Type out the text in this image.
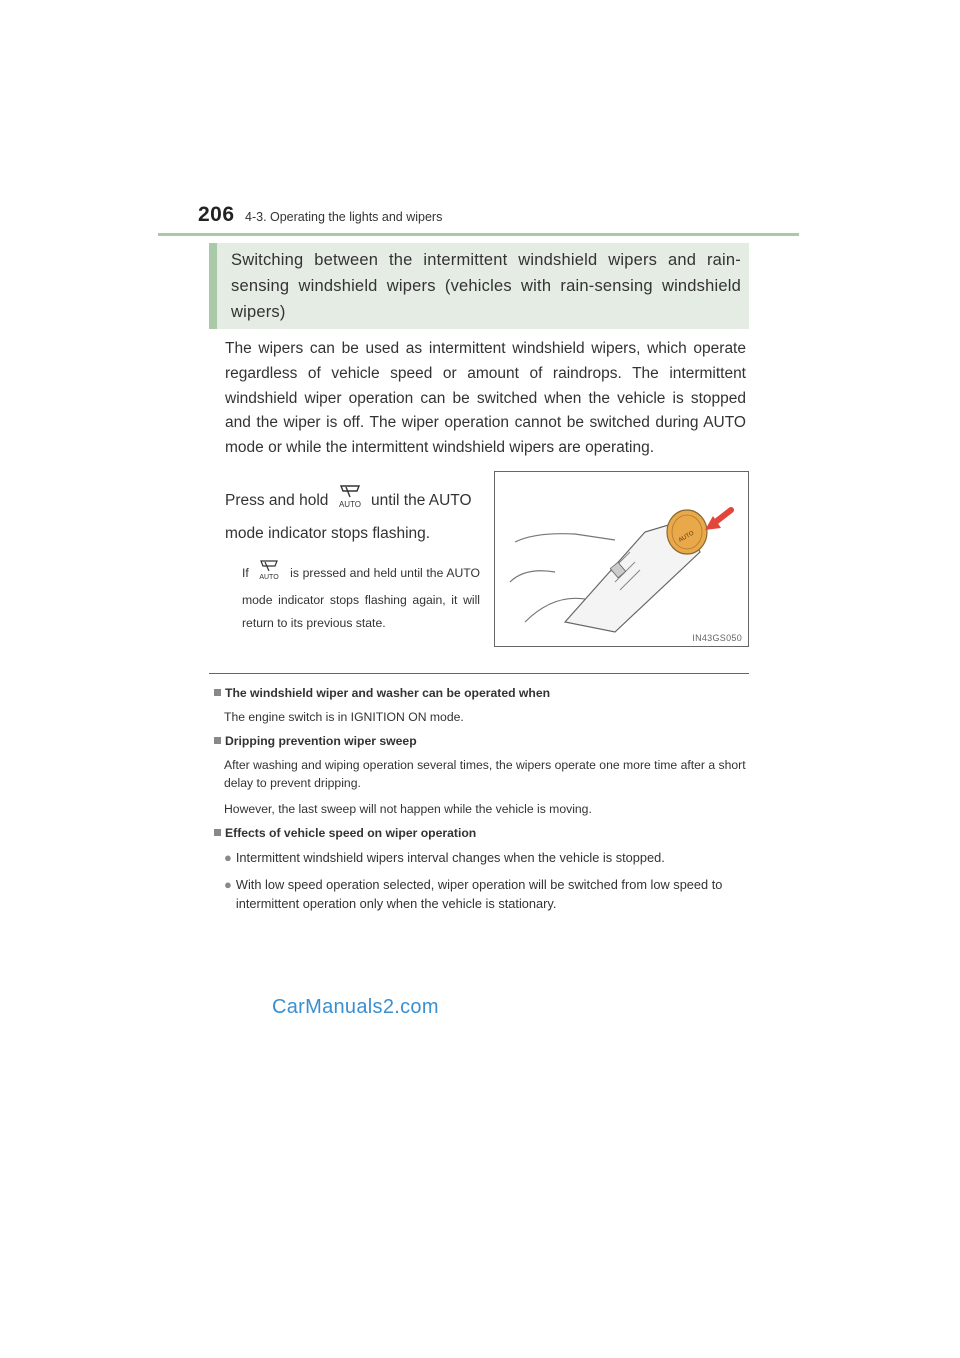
206 4-3. Operating the lights and wipers
Switching between the intermittent windshield wipers and rain-sensing windshield wipers (vehicles with rain-sensing windshield wipers)
The wipers can be used as intermittent windshield wipers, which operate regardless of vehicle speed or amount of raindrops. The intermittent windshield wiper operation can be switched when the vehicle is stopped and the wiper is off. The wiper operation cannot be switched during AUTO mode or while the intermittent windshield wipers are operating.
Press and hold AUTO until the AUTO mode indicator stops flashing.
If AUTO is pressed and held until the AUTO mode indicator stops flashing again, it will return to its previous state.
AUTO
IN43GS050
The windshield wiper and washer can be operated when
The engine switch is in IGNITION ON mode.
Dripping prevention wiper sweep
After washing and wiping operation several times, the wipers operate one more time after a short delay to prevent dripping.
However, the last sweep will not happen while the vehicle is moving.
Effects of vehicle speed on wiper operation
● Intermittent windshield wipers interval changes when the vehicle is stopped.
● With low speed operation selected, wiper operation will be switched from low speed to intermittent operation only when the vehicle is stationary.
CarManuals2.com
